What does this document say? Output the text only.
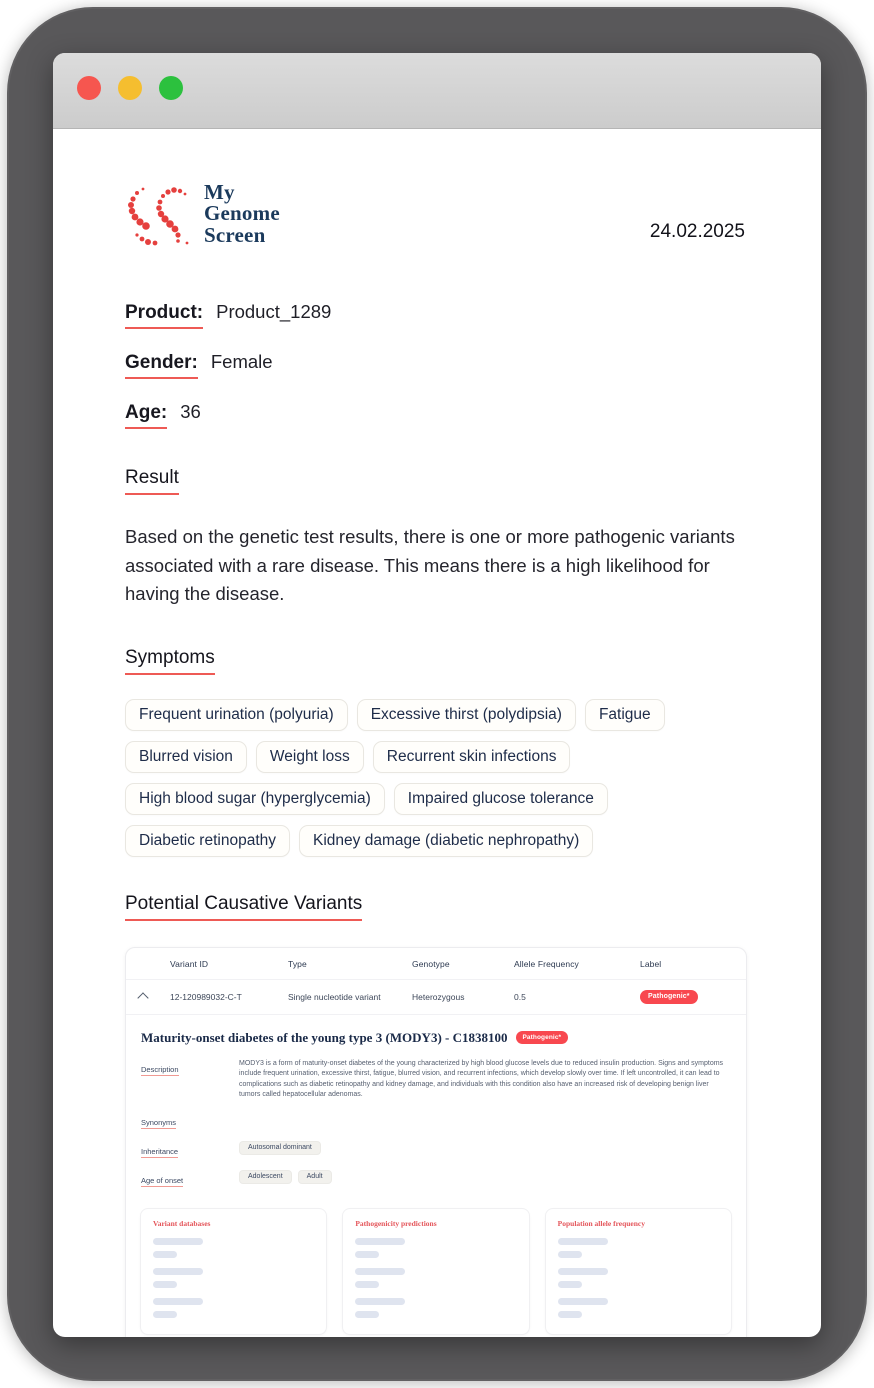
My
Genome
Screen	24.02.2025
Product: Product_1289
Gender: Female
Age: 36
Result

Based on the genetic test results, there is one or more pathogenic variants associated with a rare disease. This means there is a high likelihood for having the disease.

Symptoms
Frequent urination (polyuria)	Excessive thirst (polydipsia)	Fatigue
Blurred vision	Weight loss	Recurrent skin infections
High blood sugar (hyperglycemia)	Impaired glucose tolerance
Diabetic retinopathy	Kidney damage (diabetic nephropathy)
Potential Causative Variants
Variant ID	Type	Genotype	Allele Frequency	Label
12-120989032-C-T	Single nucleotide variant	Heterozygous	0.5	Pathogenic*
Maturity-onset diabetes of the young type 3 (MODY3) - C1838100	Pathogenic*
Description
MODY3 is a form of maturity-onset diabetes of the young characterized by high blood glucose levels due to reduced insulin production. Signs and symptoms include frequent urination, excessive thirst, fatigue, blurred vision, and recurrent infections, which develop slowly over time. If left uncontrolled, it can lead to complications such as diabetic retinopathy and kidney damage, and individuals with this condition also have an increased risk of developing benign liver tumors called hepatocellular adenomas.
Synonyms
Inheritance	Autosomal dominant
Age of onset	Adolescent	Adult
Variant databases	Pathogenicity predictions	Population allele frequency
